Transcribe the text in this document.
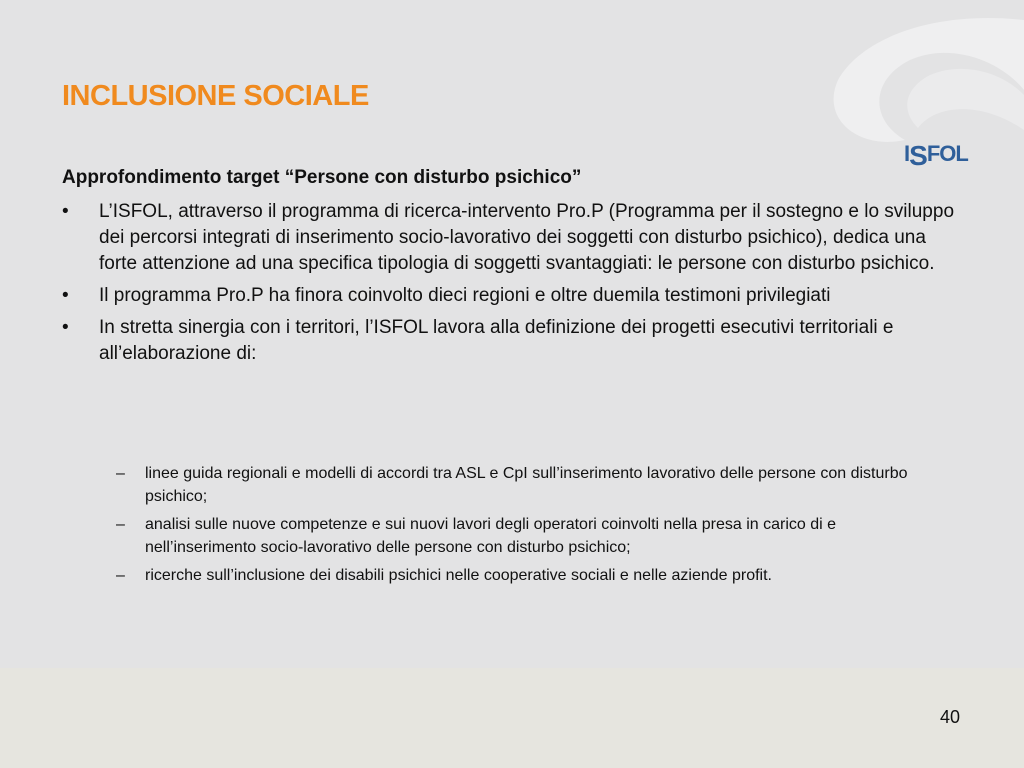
ISFOL
INCLUSIONE SOCIALE
Approfondimento target “Persone con disturbo psichico”
• L’ISFOL, attraverso il programma di ricerca-intervento Pro.P (Programma per il sostegno e lo sviluppo dei percorsi integrati di inserimento socio-lavorativo dei soggetti con disturbo psichico), dedica una forte attenzione ad una specifica tipologia di soggetti svantaggiati: le persone con disturbo psichico.
• Il programma Pro.P ha finora coinvolto dieci regioni e oltre duemila testimoni privilegiati
• In stretta sinergia con i territori, l’ISFOL lavora alla definizione dei progetti esecutivi territoriali e all’elaborazione di:
– linee guida regionali e modelli di accordi tra ASL e CpI sull’inserimento lavorativo delle persone con disturbo psichico;
– analisi sulle nuove competenze e sui nuovi lavori degli operatori coinvolti nella presa in carico di e nell’inserimento socio-lavorativo delle persone con disturbo psichico;
– ricerche sull’inclusione dei disabili psichici nelle cooperative sociali e nelle aziende profit.
40
